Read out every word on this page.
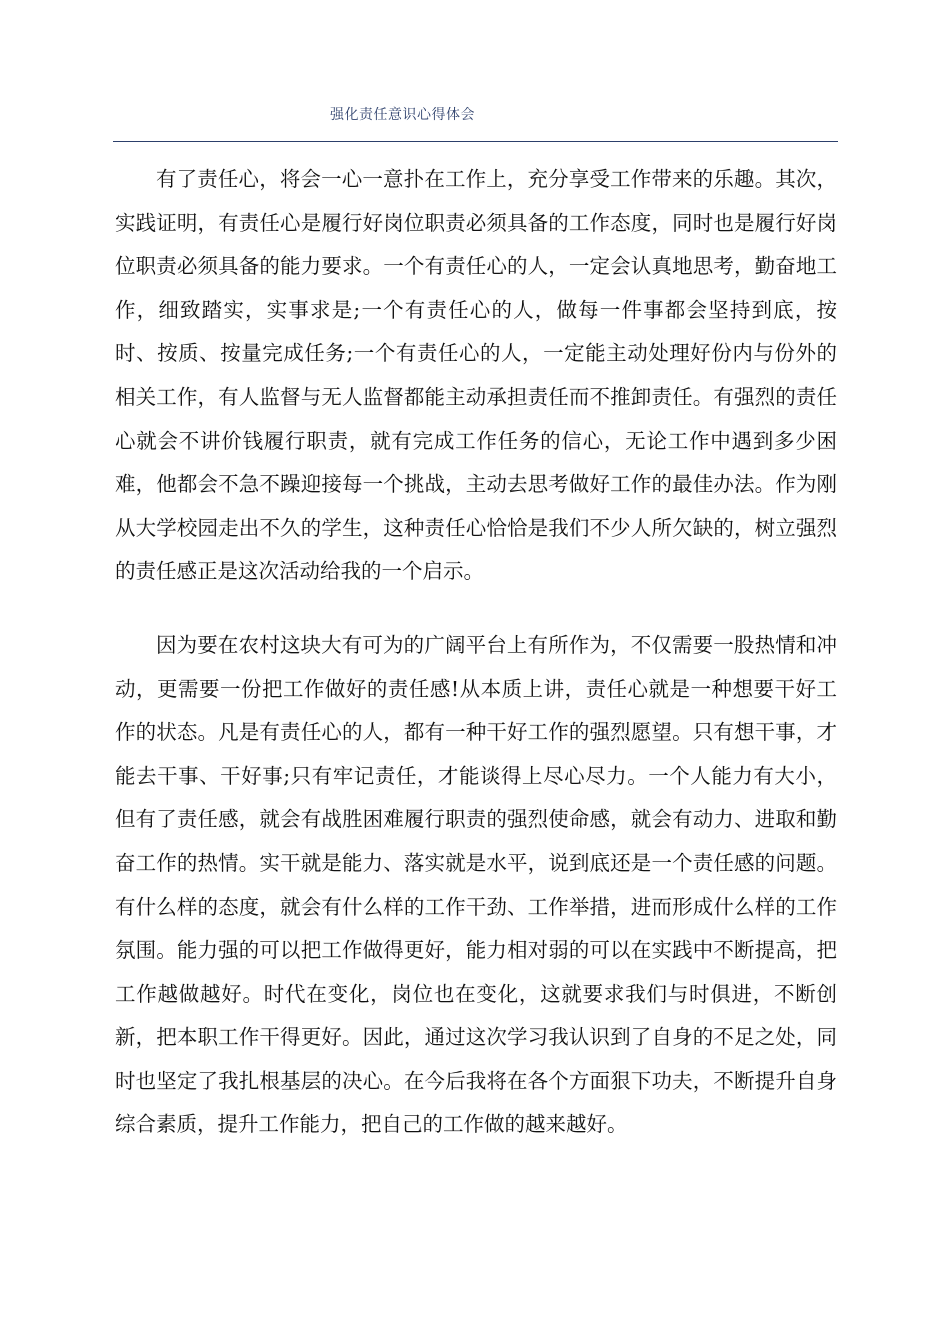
强化责任意识心得体会

有了责任心，将会一心一意扑在工作上，充分享受工作带来的乐趣。其次，实践证明，有责任心是履行好岗位职责必须具备的工作态度，同时也是履行好岗位职责必须具备的能力要求。一个有责任心的人，一定会认真地思考，勤奋地工作，细致踏实，实事求是;一个有责任心的人，做每一件事都会坚持到底，按时、按质、按量完成任务;一个有责任心的人，一定能主动处理好份内与份外的相关工作，有人监督与无人监督都能主动承担责任而不推卸责任。有强烈的责任心就会不讲价钱履行职责，就有完成工作任务的信心，无论工作中遇到多少困难，他都会不急不躁迎接每一个挑战，主动去思考做好工作的最佳办法。作为刚从大学校园走出不久的学生，这种责任心恰恰是我们不少人所欠缺的，树立强烈的责任感正是这次活动给我的一个启示。

因为要在农村这块大有可为的广阔平台上有所作为，不仅需要一股热情和冲动，更需要一份把工作做好的责任感!从本质上讲，责任心就是一种想要干好工作的状态。凡是有责任心的人，都有一种干好工作的强烈愿望。只有想干事，才能去干事、干好事;只有牢记责任，才能谈得上尽心尽力。一个人能力有大小，但有了责任感，就会有战胜困难履行职责的强烈使命感，就会有动力、进取和勤奋工作的热情。实干就是能力、落实就是水平，说到底还是一个责任感的问题。有什么样的态度，就会有什么样的工作干劲、工作举措，进而形成什么样的工作氛围。能力强的可以把工作做得更好，能力相对弱的可以在实践中不断提高，把工作越做越好。时代在变化，岗位也在变化，这就要求我们与时俱进，不断创新，把本职工作干得更好。因此，通过这次学习我认识到了自身的不足之处，同时也坚定了我扎根基层的决心。在今后我将在各个方面狠下功夫，不断提升自身综合素质，提升工作能力，把自己的工作做的越来越好。
